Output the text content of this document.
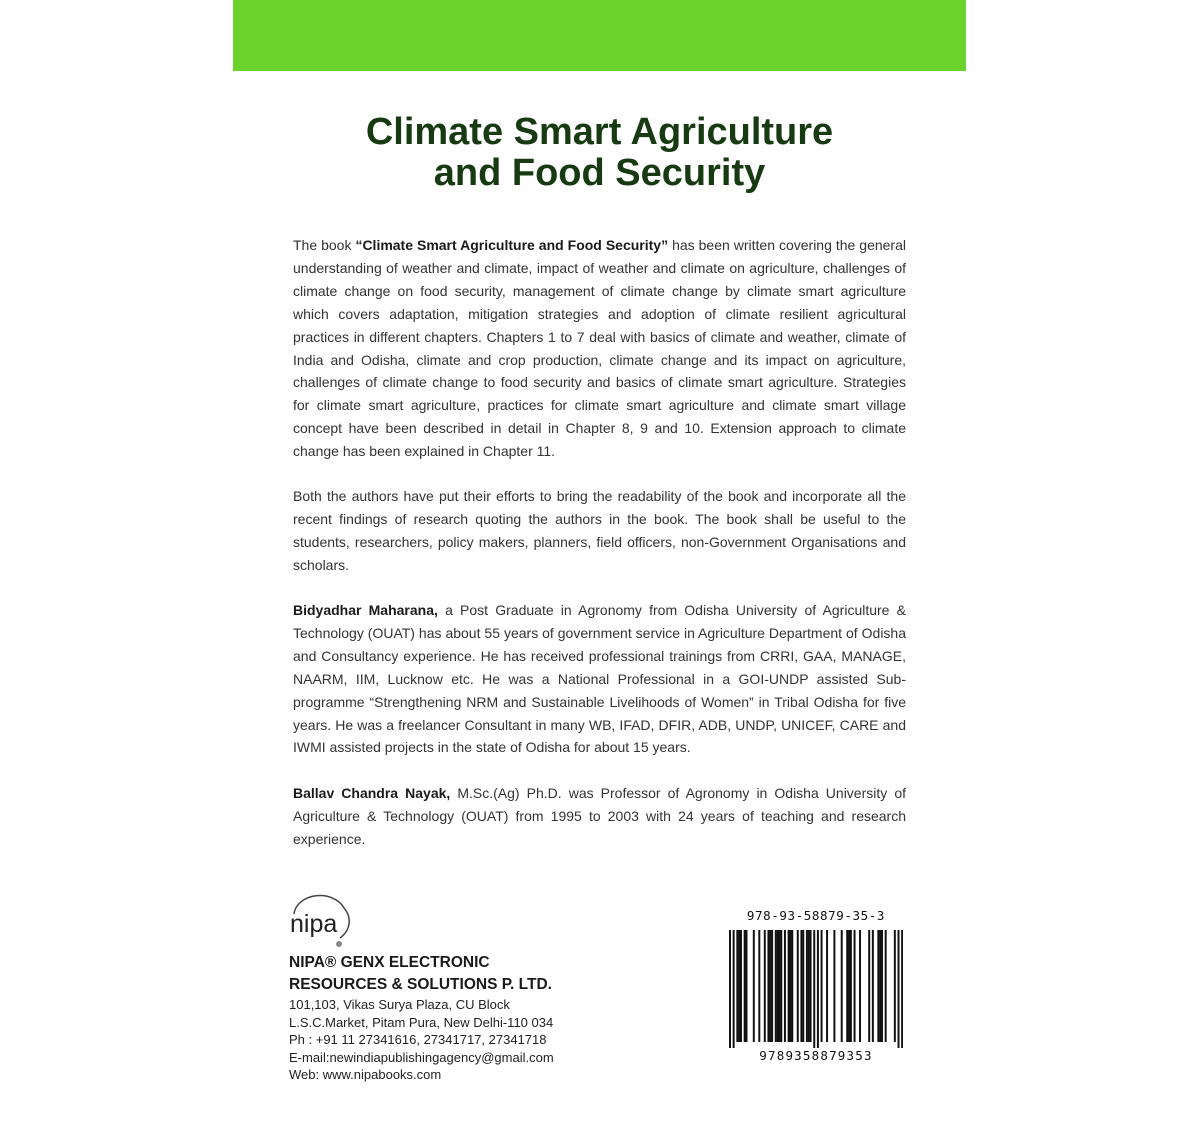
Climate Smart Agriculture
and Food Security

The book “Climate Smart Agriculture and Food Security” has been written covering the general understanding of weather and climate, impact of weather and climate on agriculture, challenges of climate change on food security, management of climate change by climate smart agriculture which covers adaptation, mitigation strategies and adoption of climate resilient agricultural practices in different chapters. Chapters 1 to 7 deal with basics of climate and weather, climate of India and Odisha, climate and crop production, climate change and its impact on agriculture, challenges of climate change to food security and basics of climate smart agriculture. Strategies for climate smart agriculture, practices for climate smart agriculture and climate smart village concept have been described in detail in Chapter 8, 9 and 10. Extension approach to climate change has been explained in Chapter 11.

Both the authors have put their efforts to bring the readability of the book and incorporate all the recent findings of research quoting the authors in the book. The book shall be useful to the students, researchers, policy makers, planners, field officers, non-Government Organisations and scholars.

Bidyadhar Maharana, a Post Graduate in Agronomy from Odisha University of Agriculture & Technology (OUAT) has about 55 years of government service in Agriculture Department of Odisha and Consultancy experience. He has received professional trainings from CRRI, GAA, MANAGE, NAARM, IIM, Lucknow etc. He was a National Professional in a GOI-UNDP assisted Sub-programme “Strengthening NRM and Sustainable Livelihoods of Women” in Tribal Odisha for five years. He was a freelancer Consultant in many WB, IFAD, DFIR, ADB, UNDP, UNICEF, CARE and IWMI assisted projects in the state of Odisha for about 15 years.

Ballav Chandra Nayak, M.Sc.(Ag) Ph.D. was Professor of Agronomy in Odisha University of Agriculture & Technology (OUAT) from 1995 to 2003 with 24 years of teaching and research experience.

nipa

NIPA® GENX ELECTRONIC

RESOURCES & SOLUTIONS P. LTD.

101,103, Vikas Surya Plaza, CU Block

L.S.C.Market, Pitam Pura, New Delhi-110 034

Ph : +91 11 27341616, 27341717, 27341718

E-mail:newindiapublishingagency@gmail.com

Web: www.nipabooks.com

978-93-58879-35-3
9789358879353
